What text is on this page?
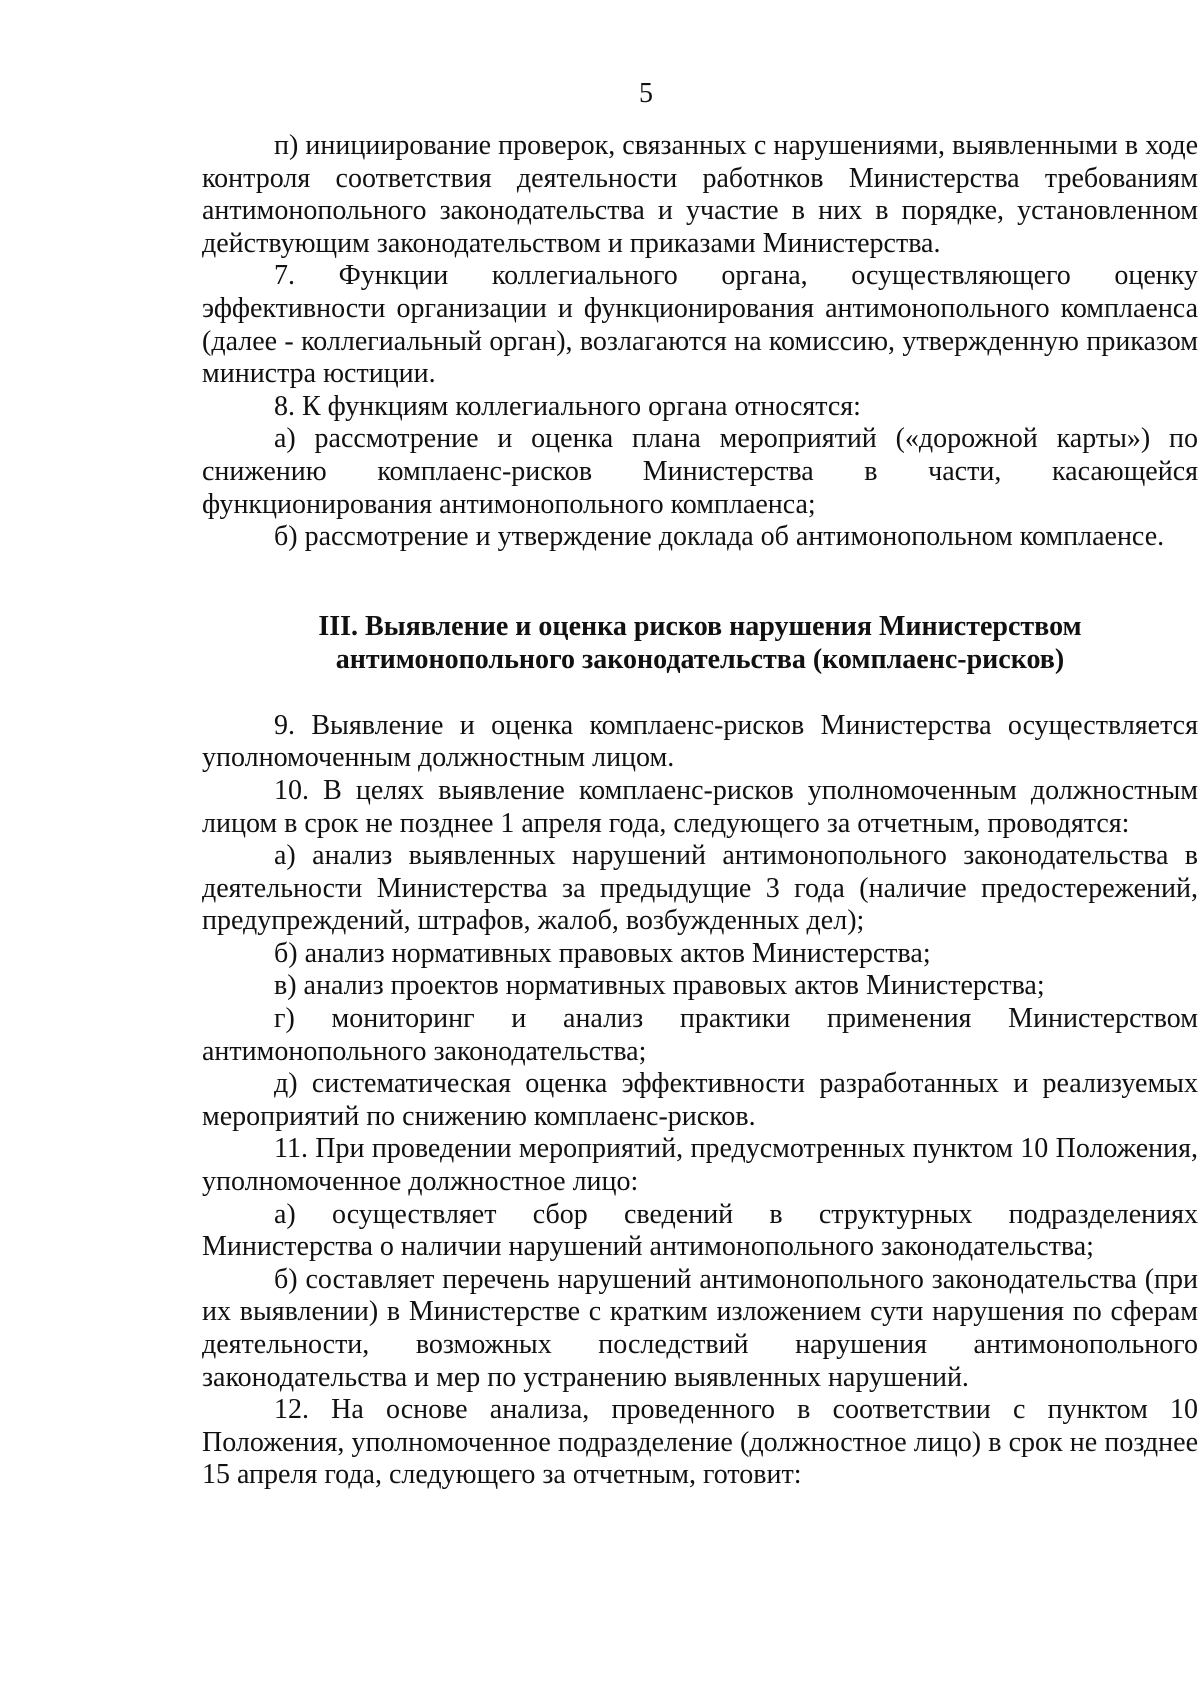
5

п) инициирование проверок, связанных с нарушениями, выявленными в ходе контроля соответствия деятельности работнков Министерства требованиям антимонопольного законодательства и участие в них в порядке, установленном действующим законодательством и приказами Министерства.

7. Функции коллегиального органа, осуществляющего оценку эффективности организации и функционирования антимонопольного комплаенса (далее - коллегиальный орган), возлагаются на комиссию, утвержденную приказом министра юстиции.

8. К функциям коллегиального органа относятся:

а) рассмотрение и оценка плана мероприятий («дорожной карты») по снижению комплаенс-рисков Министерства в части, касающейся функционирования антимонопольного комплаенса;

б) рассмотрение и утверждение доклада об антимонопольном комплаенсе.

III. Выявление и оценка рисков нарушения Министерством
антимонопольного законодательства (комплаенс-рисков)

9. Выявление и оценка комплаенс-рисков Министерства осуществляется уполномоченным должностным лицом.

10. В целях выявление комплаенс-рисков уполномоченным должностным лицом в срок не позднее 1 апреля года, следующего за отчетным, проводятся:

а) анализ выявленных нарушений антимонопольного законодательства в деятельности Министерства за предыдущие 3 года (наличие предостережений, предупреждений, штрафов, жалоб, возбужденных дел);

б) анализ нормативных правовых актов Министерства;

в) анализ проектов нормативных правовых актов Министерства;

г) мониторинг и анализ практики применения Министерством антимонопольного законодательства;

д) систематическая оценка эффективности разработанных и реализуемых мероприятий по снижению комплаенс-рисков.

11. При проведении мероприятий, предусмотренных пунктом 10 Положения, уполномоченное должностное лицо:

а) осуществляет сбор сведений в структурных подразделениях Министерства о наличии нарушений антимонопольного законодательства;

б) составляет перечень нарушений антимонопольного законодательства (при их выявлении) в Министерстве с кратким изложением сути нарушения по сферам деятельности, возможных последствий нарушения антимонопольного законодательства и мер по устранению выявленных нарушений.

12. На основе анализа, проведенного в соответствии с пунктом 10 Положения, уполномоченное подразделение (должностное лицо) в срок не позднее 15 апреля года, следующего за отчетным, готовит:
